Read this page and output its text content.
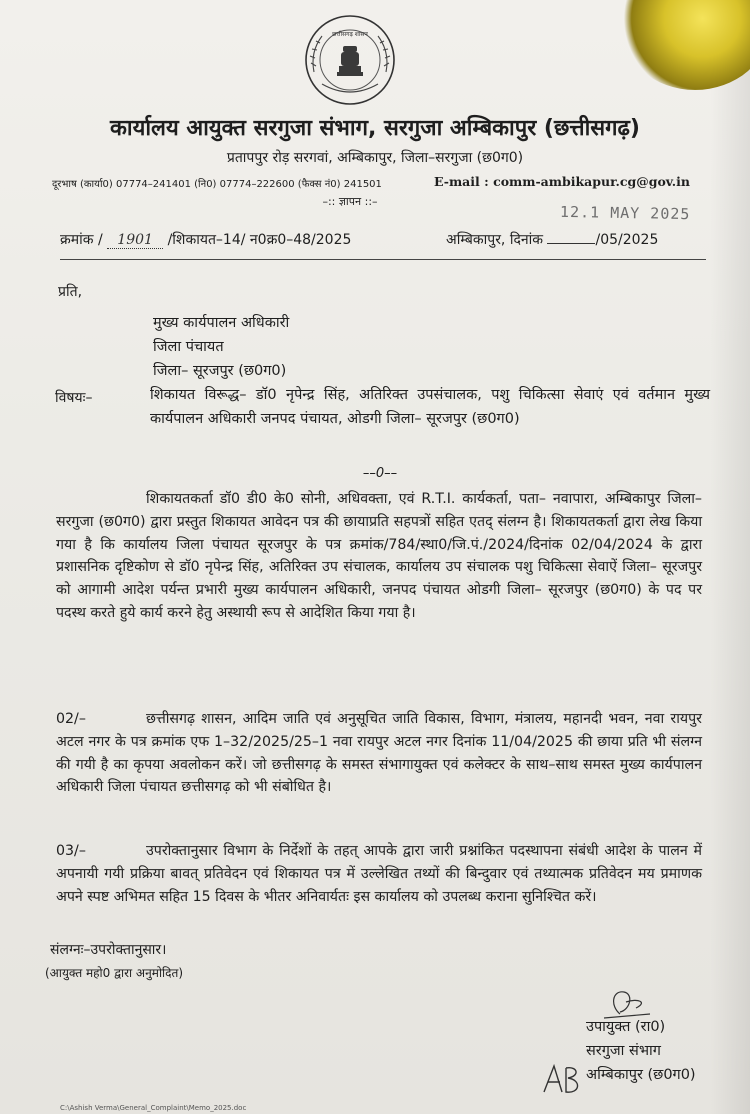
छत्तीसगढ़ शासन
कार्यालय आयुक्त सरगुजा संभाग, सरगुजा अम्बिकापुर (छत्तीसगढ़)
प्रतापपुर रोड़ सरगवां, अम्बिकापुर, जिला–सरगुजा (छ0ग0)
दूरभाष (कार्या0) 07774–241401 (नि0) 07774–222600 (फैक्स नं0) 241501	E-mail : comm-ambikapur.cg@gov.in
–:: ज्ञापन ::–
12.1 MAY 2025
क्रमांक / 1901 /शिकायत–14/ न0क्र0–48/2025	अम्बिकापुर, दिनांक	/05/2025
प्रति,
मुख्य कार्यपालन अधिकारी
जिला पंचायत
जिला– सूरजपुर (छ0ग0)
विषयः–	शिकायत विरूद्ध– डॉ0 नृपेन्द्र सिंह, अतिरिक्त उपसंचालक, पशु चिकित्सा सेवाएं एवं वर्तमान मुख्य कार्यपालन अधिकारी जनपद पंचायत, ओडगी जिला– सूरजपुर (छ0ग0)
––0––
शिकायतकर्ता डॉ0 डी0 के0 सोनी, अधिवक्ता, एवं R.T.I. कार्यकर्ता, पता– नवापारा, अम्बिकापुर जिला– सरगुजा (छ0ग0) द्वारा प्रस्तुत शिकायत आवेदन पत्र की छायाप्रति सहपत्रों सहित एतद् संलग्न है। शिकायतकर्ता द्वारा लेख किया गया है कि कार्यालय जिला पंचायत सूरजपुर के पत्र क्रमांक/784/स्था0/जि.पं./2024/दिनांक 02/04/2024 के द्वारा प्रशासनिक दृष्टिकोण से डॉ0 नृपेन्द्र सिंह, अतिरिक्त उप संचालक, कार्यालय उप संचालक पशु चिकित्सा सेवाऐं जिला– सूरजपुर को आगामी आदेश पर्यन्त प्रभारी मुख्य कार्यपालन अधिकारी, जनपद पंचायत ओडगी जिला– सूरजपुर (छ0ग0) के पद पर पदस्थ करते हुये कार्य करने हेतु अस्थायी रूप से आदेशित किया गया है।
02/–	छत्तीसगढ़ शासन, आदिम जाति एवं अनुसूचित जाति विकास, विभाग, मंत्रालय, महानदी भवन, नवा रायपुर अटल नगर के पत्र क्रमांक एफ 1–32/2025/25–1 नवा रायपुर अटल नगर दिनांक 11/04/2025 की छाया प्रति भी संलग्न की गयी है का कृपया अवलोकन करें। जो छत्तीसगढ़ के समस्त संभागायुक्त एवं कलेक्टर के साथ–साथ समस्त मुख्य कार्यपालन अधिकारी जिला पंचायत छत्तीसगढ़ को भी संबोधित है।
03/–	उपरोक्तानुसार विभाग के निर्देशों के तहत् आपके द्वारा जारी प्रश्नांकित पदस्थापना संबंधी आदेश के पालन में अपनायी गयी प्रक्रिया बावत् प्रतिवेदन एवं शिकायत पत्र में उल्लेखित तथ्यों की बिन्दुवार एवं तथ्यात्मक प्रतिवेदन मय प्रमाणक अपने स्पष्ट अभिमत सहित 15 दिवस के भीतर अनिवार्यतः इस कार्यालय को उपलब्ध कराना सुनिश्चित करें।
संलग्नः–उपरोक्तानुसार।
(आयुक्त महो0 द्वारा अनुमोदित)
उपायुक्त (रा0)
सरगुजा संभाग
अम्बिकापुर (छ0ग0)
C:\Ashish Verma\General_Complaint\Memo_2025.doc
